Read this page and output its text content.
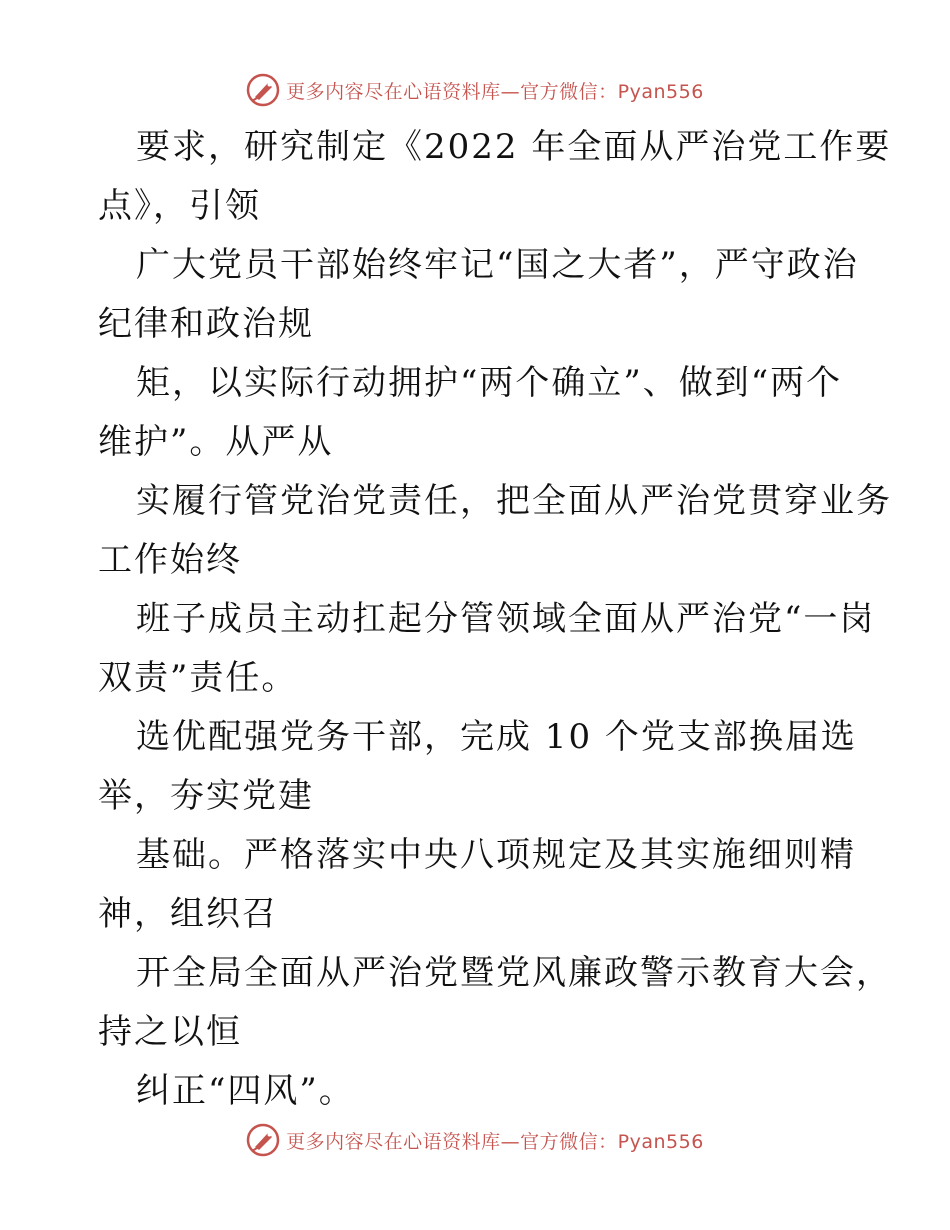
更多内容尽在心语资料库—官方微信：Pyan556
要求，研究制定《2022 年全面从严治党工作要
点》，引领
广大党员干部始终牢记“国之大者”，严守政治
纪律和政治规
矩，以实际行动拥护“两个确立”、做到“两个
维护”。从严从
实履行管党治党责任，把全面从严治党贯穿业务
工作始终
班子成员主动扛起分管领域全面从严治党“一岗
双责”责任。
选优配强党务干部，完成 10 个党支部换届选
举，夯实党建
基础。严格落实中央八项规定及其实施细则精
神，组织召
开全局全面从严治党暨党风廉政警示教育大会，
持之以恒
纠正“四风”。
更多内容尽在心语资料库—官方微信：Pyan556
